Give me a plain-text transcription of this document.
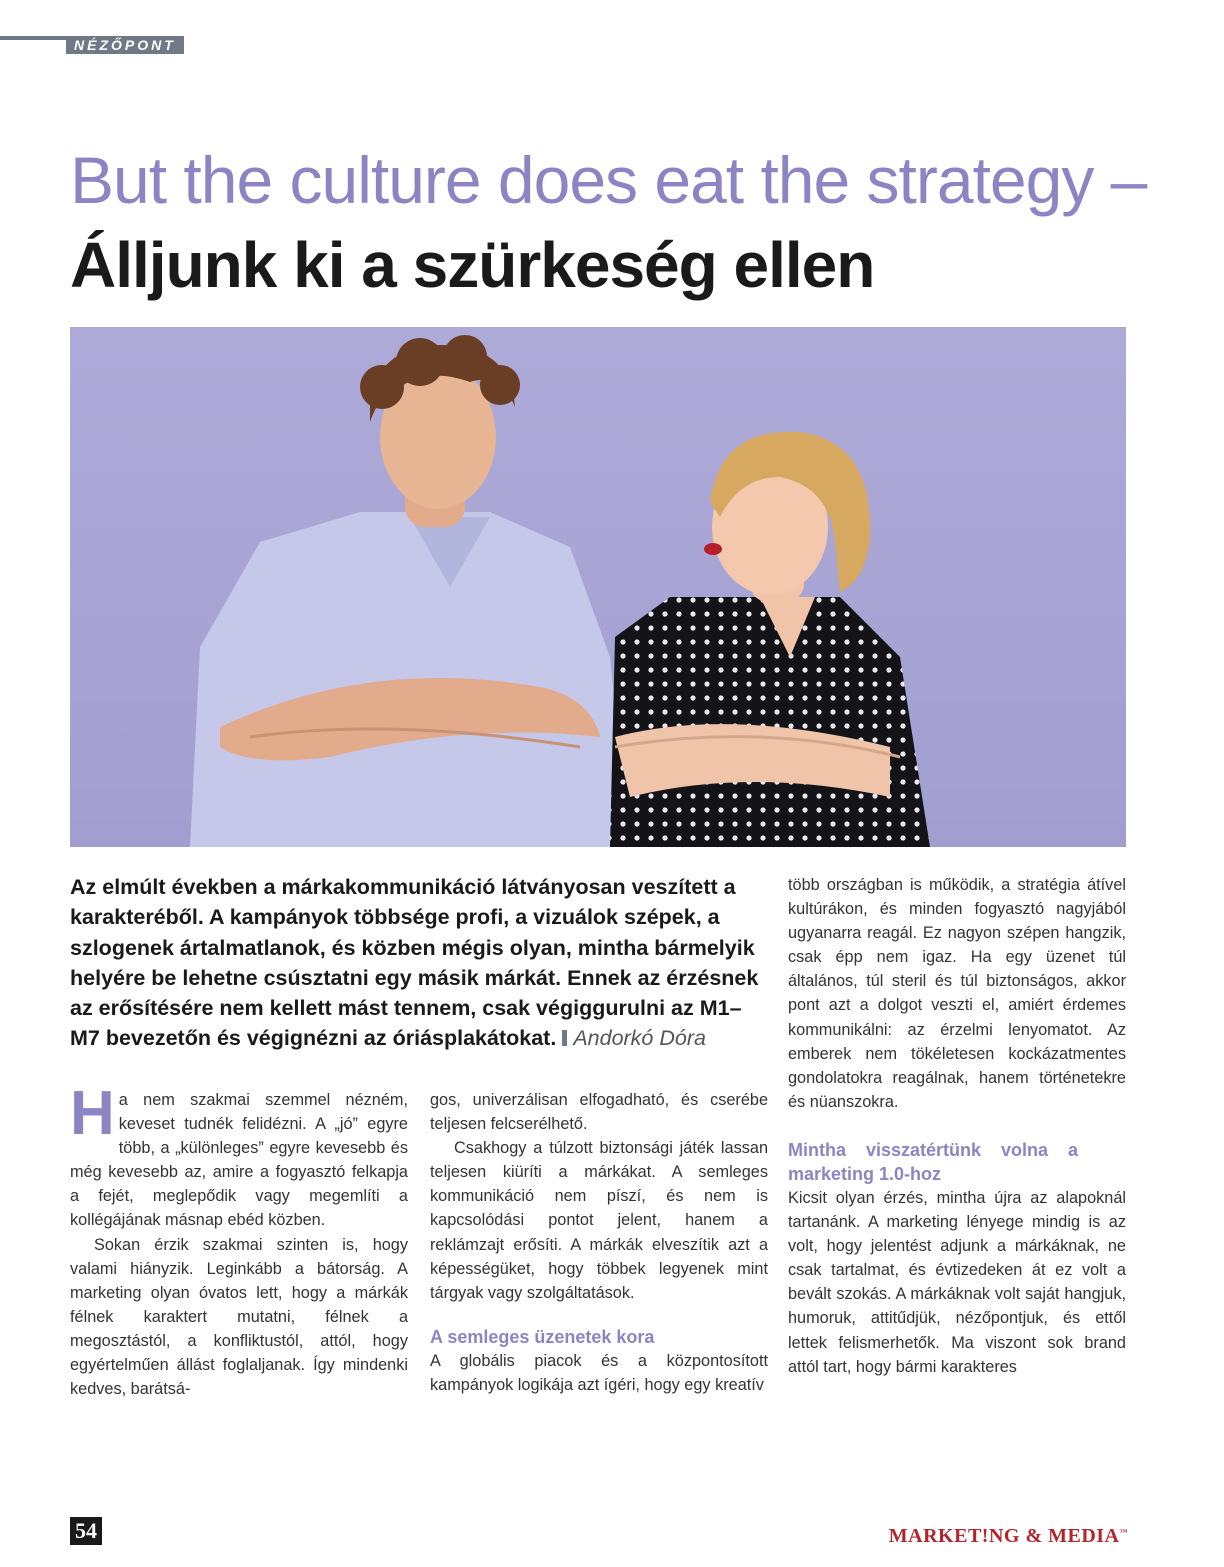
NÉZŐPONT
But the culture does eat the strategy –
Álljunk ki a szürkeség ellen

Az elmúlt években a márkakommunikáció látványosan veszített a karakteréből. A kampányok többsége profi, a vizuálok szépek, a szlogenek ártalmatlanok, és közben mégis olyan, mintha bármelyik helyére be lehetne csúsztatni egy másik márkát. Ennek az érzésnek az erősítésére nem kellett mást tennem, csak végiggurulni az M1–M7 bevezetőn és végignézni az óriásplakátokat. Andorkó Dóra

Ha nem szakmai szemmel nézném, keveset tudnék felidézni. A „jó” egyre több, a „különleges” egyre kevesebb és még kevesebb az, amire a fogyasztó felkapja a fejét, meglepődik vagy megemlíti a kollégájának másnap ebéd közben.

Sokan érzik szakmai szinten is, hogy valami hiányzik. Leginkább a bátorság. A marketing olyan óvatos lett, hogy a márkák félnek karaktert mutatni, félnek a megosztástól, a konfliktustól, attól, hogy egyértelműen állást foglaljanak. Így mindenki kedves, barátsá-

gos, univerzálisan elfogadható, és cserébe teljesen felcserélhető.

Csakhogy a túlzott biztonsági játék lassan teljesen kiüríti a márkákat. A semleges kommunikáció nem píszí, és nem is kapcsolódási pontot jelent, hanem a reklámzajt erősíti. A márkák elveszítik azt a képességüket, hogy többek legyenek mint tárgyak vagy szolgáltatások.

A semleges üzenetek kora

A globális piacok és a központosított kampányok logikája azt ígéri, hogy egy kreatív

több országban is működik, a stratégia átível kultúrákon, és minden fogyasztó nagyjából ugyanarra reagál. Ez nagyon szépen hangzik, csak épp nem igaz. Ha egy üzenet túl általános, túl steril és túl biztonságos, akkor pont azt a dolgot veszti el, amiért érdemes kommunikálni: az érzelmi lenyomatot. Az emberek nem tökéletesen kockázatmentes gondolatokra reagálnak, hanem történetekre és nüanszokra.

Mintha visszatértünk volna a marketing 1.0-hoz

Kicsit olyan érzés, mintha újra az alapoknál tartanánk. A marketing lényege mindig is az volt, hogy jelentést adjunk a márkáknak, ne csak tartalmat, és évtizedeken át ez volt a bevált szokás. A márkáknak volt saját hangjuk, humoruk, attitűdjük, nézőpontjuk, és ettől lettek felismerhetők. Ma viszont sok brand attól tart, hogy bármi karakteres

54	MARKET!NG & MEDIA™
